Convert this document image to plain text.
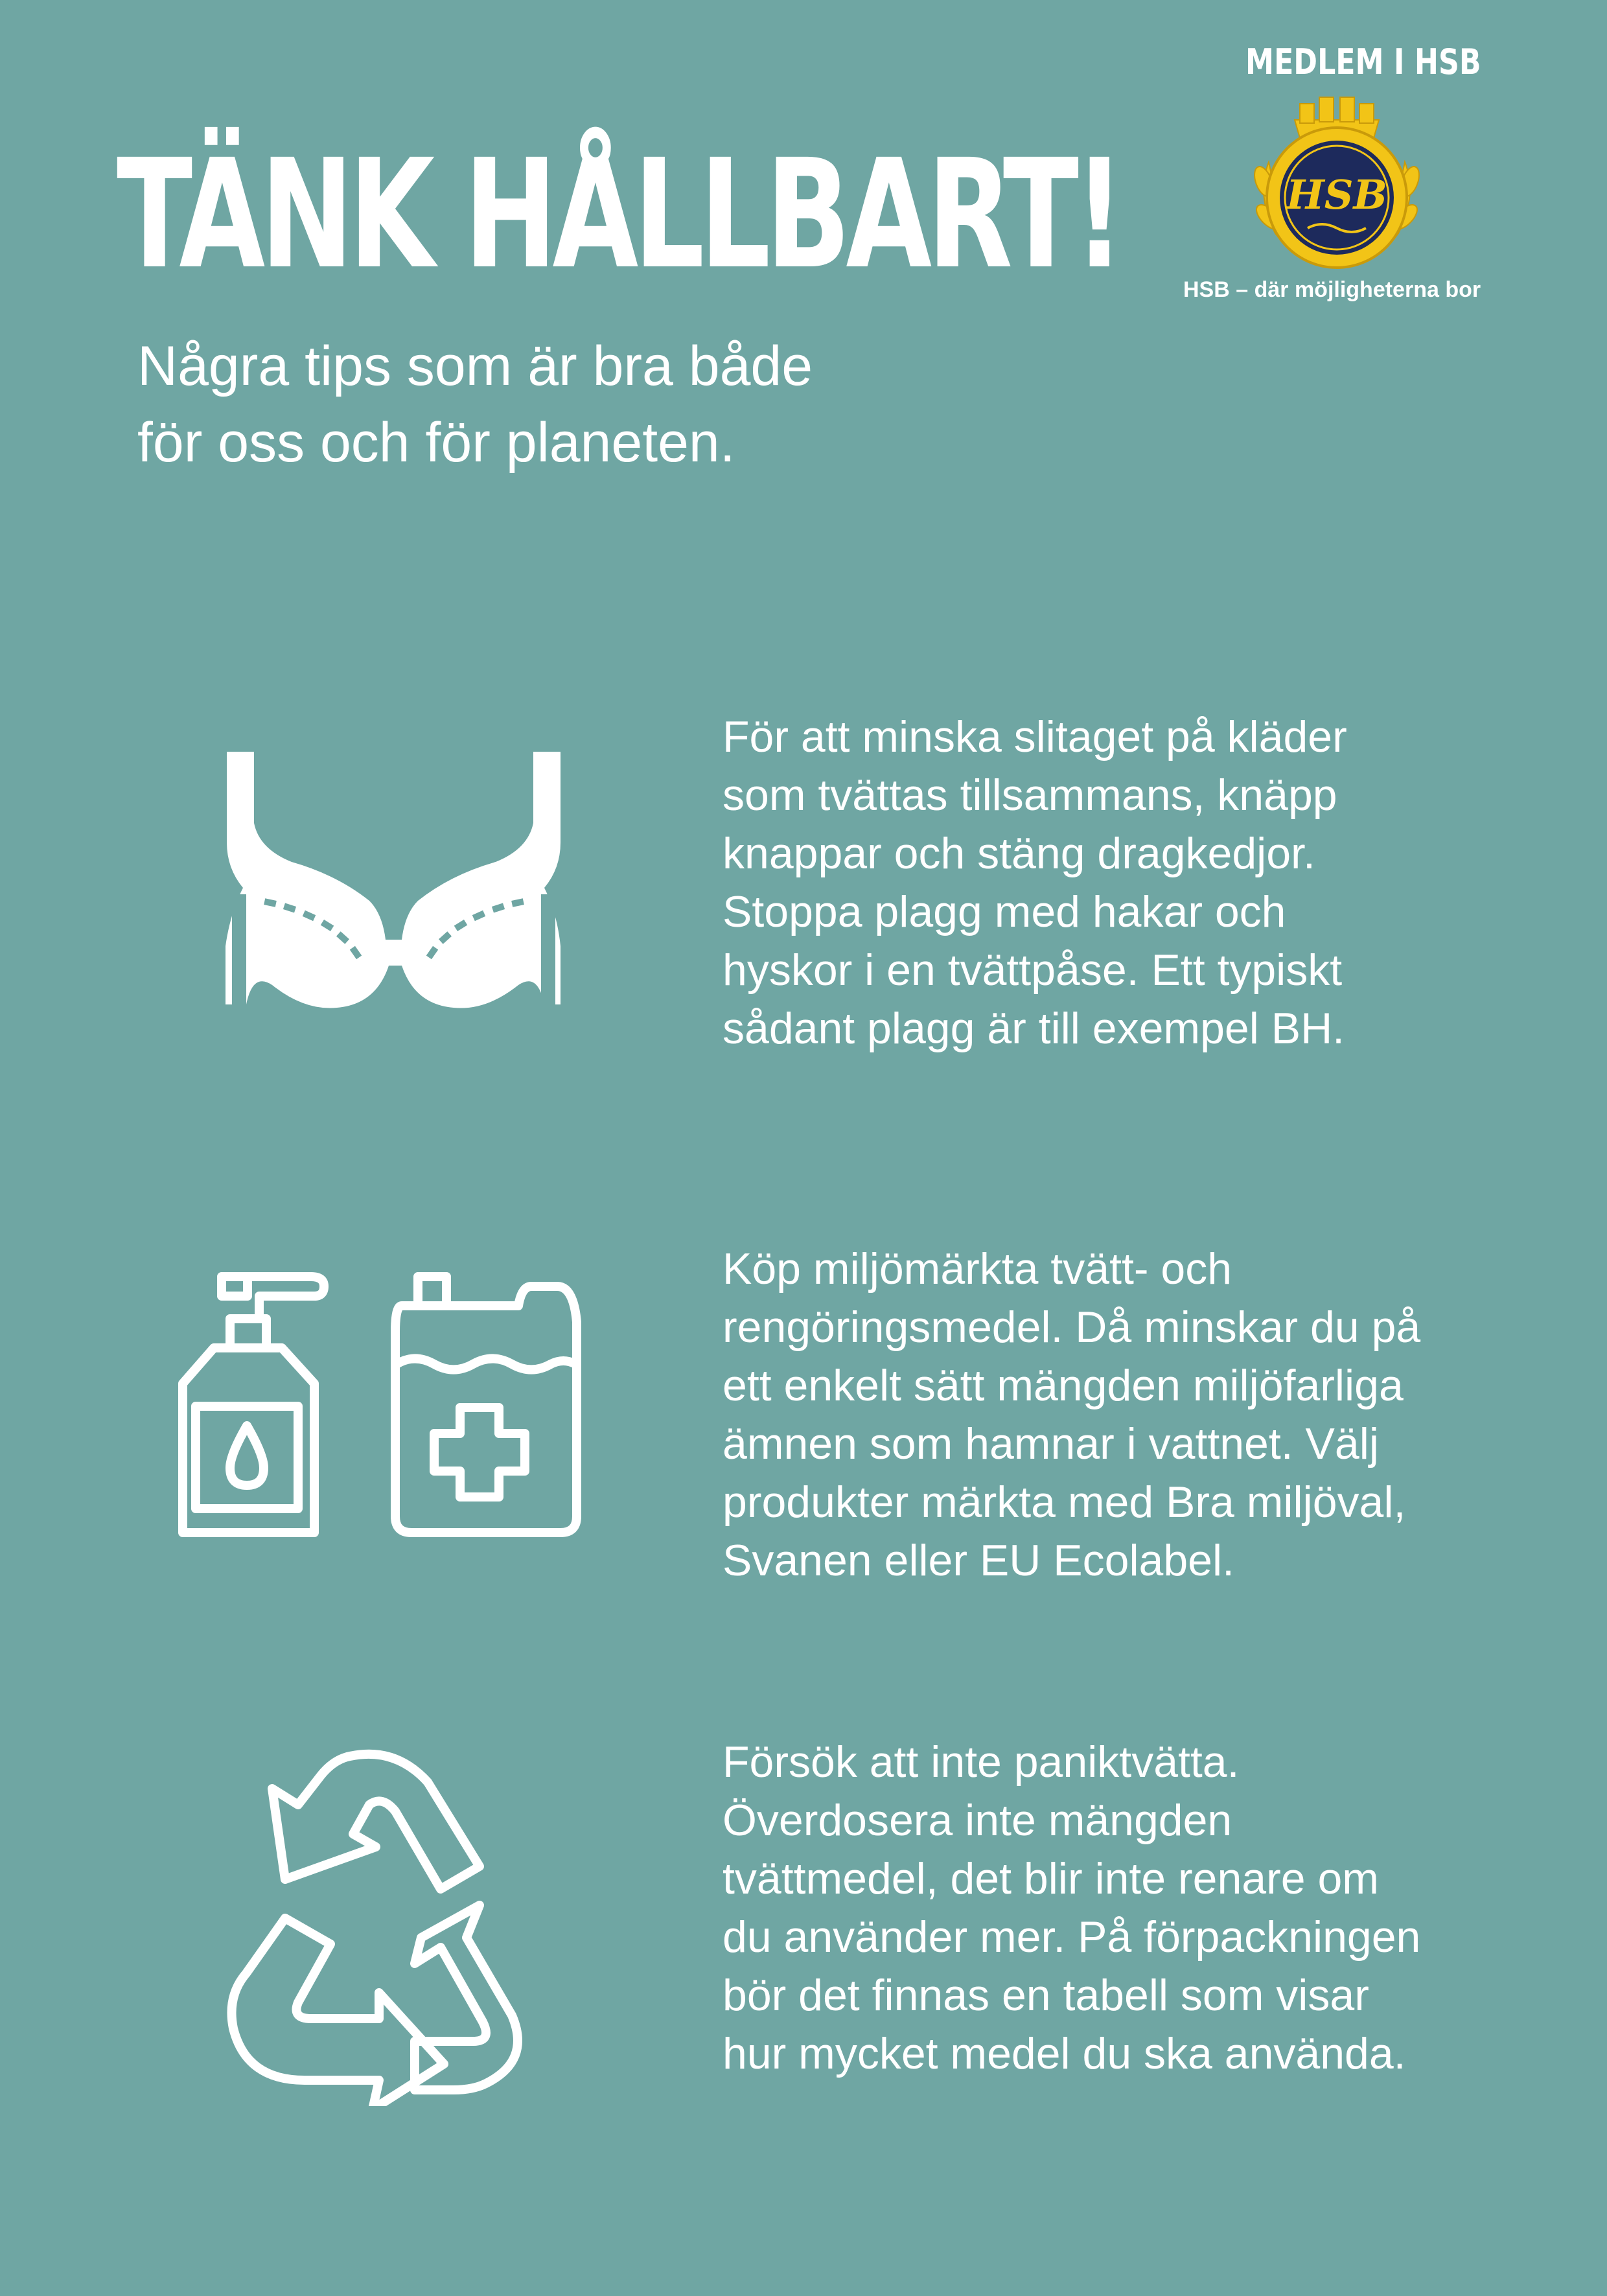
TÄNK HÅLLBART!

Några tips som är bra både
för oss och för planeten.

MEDLEM I HSB
HSB
HSB – där möjligheterna bor

För att minska slitaget på kläder
som tvättas tillsammans, knäpp
knappar och stäng dragkedjor.
Stoppa plagg med hakar och
hyskor i en tvättpåse. Ett typiskt
sådant plagg är till exempel BH.

Köp miljömärkta tvätt- och
rengöringsmedel. Då minskar du på
ett enkelt sätt mängden miljöfarliga
ämnen som hamnar i vattnet. Välj
produkter märkta med Bra miljöval,
Svanen eller EU Ecolabel.

Försök att inte paniktvätta.
Överdosera inte mängden
tvättmedel, det blir inte renare om
du använder mer. På förpackningen
bör det finnas en tabell som visar
hur mycket medel du ska använda.
